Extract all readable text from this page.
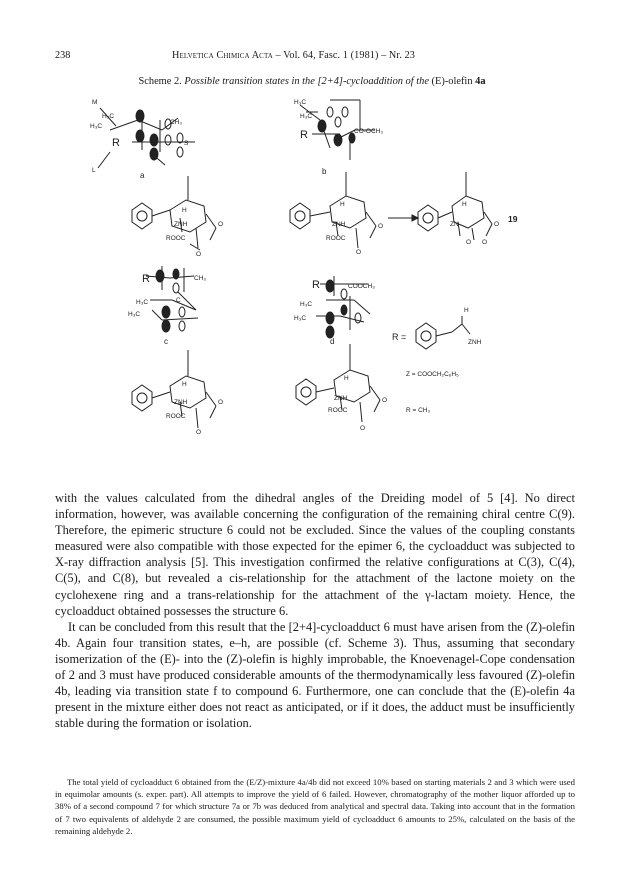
238	Helvetica Chimica Acta – Vol. 64, Fasc. 1 (1981) – Nr. 23
Scheme 2. Possible transition states in the [2+4]-cycloaddition of the (E)-olefin 4a
M
H₃C
H₃C
CH₃
R	S
L
a
H₃C
H₃C
R	CO-OCH₃
b
H
ZNH
ROOC
O
O
H
ZNH
ROOC
O
O
H
ZN	O
O O
19
R	CH₃
C
H₃C
H₃C
c
R	COOCH₃
H₃C
H₃C
d	R =
H
ZNH
Z = COOCH₂C₆H₅
R = CH₃
H
ZNH
ROOC
O
O
H
ZNH
ROOC
O
O

with the values calculated from the dihedral angles of the Dreiding model of 5 [4]. No direct information, however, was available concerning the configuration of the remaining chiral centre C(9). Therefore, the epimeric structure 6 could not be excluded. Since the values of the coupling constants measured were also compatible with those expected for the epimer 6, the cycloadduct was subjected to X-ray diffraction analysis [5]. This investigation confirmed the relative configurations at C(3), C(4), C(5), and C(8), but revealed a cis-relationship for the attachment of the lactone moiety on the cyclohexene ring and a trans-relationship for the attachment of the γ-lactam moiety. Hence, the cycloadduct obtained possesses the structure 6.

It can be concluded from this result that the [2+4]-cycloadduct 6 must have arisen from the (Z)-olefin 4b. Again four transition states, e–h, are possible (cf. Scheme 3). Thus, assuming that secondary isomerization of the (E)- into the (Z)-olefin is highly improbable, the Knoevenagel-Cope condensation of 2 and 3 must have produced considerable amounts of the thermodynamically less favoured (Z)-olefin 4b, leading via transition state f to compound 6. Furthermore, one can conclude that the (E)-olefin 4a present in the mixture either does not react as anticipated, or if it does, the adduct must be insufficiently stable during the formation or isolation.

The total yield of cycloadduct 6 obtained from the (E/Z)-mixture 4a/4b did not exceed 10% based on starting materials 2 and 3 which were used in equimolar amounts (s. exper. part). All attempts to improve the yield of 6 failed. However, chromatography of the mother liquor afforded up to 38% of a second compound 7 for which structure 7a or 7b was deduced from analytical and spectral data. Taking into account that in the formation of 7 two equivalents of aldehyde 2 are consumed, the possible maximum yield of cycloadduct 6 amounts to 25%, calculated on the basis of the remaining aldehyde 2.
